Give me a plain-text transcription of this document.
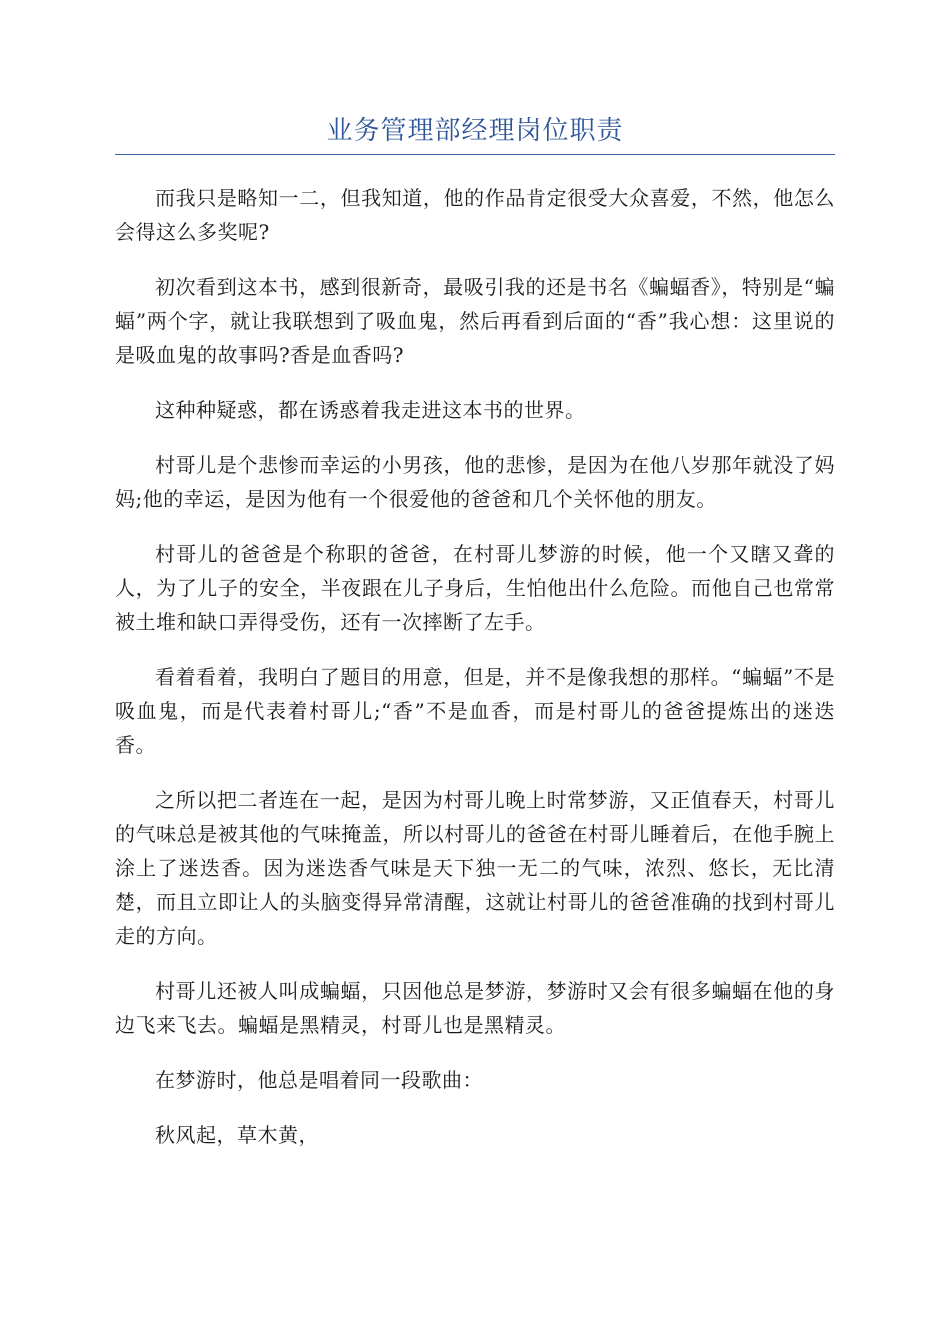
业务管理部经理岗位职责

而我只是略知一二，但我知道，他的作品肯定很受大众喜爱，不然，他怎么会得这么多奖呢?

初次看到这本书，感到很新奇，最吸引我的还是书名《蝙蝠香》，特别是“蝙蝠”两个字，就让我联想到了吸血鬼，然后再看到后面的“香”我心想：这里说的是吸血鬼的故事吗?香是血香吗?

这种种疑惑，都在诱惑着我走进这本书的世界。

村哥儿是个悲惨而幸运的小男孩，他的悲惨，是因为在他八岁那年就没了妈妈;他的幸运，是因为他有一个很爱他的爸爸和几个关怀他的朋友。

村哥儿的爸爸是个称职的爸爸，在村哥儿梦游的时候，他一个又瞎又聋的人，为了儿子的安全，半夜跟在儿子身后，生怕他出什么危险。而他自己也常常被土堆和缺口弄得受伤，还有一次摔断了左手。

看着看着，我明白了题目的用意，但是，并不是像我想的那样。“蝙蝠”不是吸血鬼，而是代表着村哥儿;“香”不是血香，而是村哥儿的爸爸提炼出的迷迭香。

之所以把二者连在一起，是因为村哥儿晚上时常梦游，又正值春天，村哥儿的气味总是被其他的气味掩盖，所以村哥儿的爸爸在村哥儿睡着后，在他手腕上涂上了迷迭香。因为迷迭香气味是天下独一无二的气味，浓烈、悠长，无比清楚，而且立即让人的头脑变得异常清醒，这就让村哥儿的爸爸准确的找到村哥儿走的方向。

村哥儿还被人叫成蝙蝠，只因他总是梦游，梦游时又会有很多蝙蝠在他的身边飞来飞去。蝙蝠是黑精灵，村哥儿也是黑精灵。

在梦游时，他总是唱着同一段歌曲：

秋风起，草木黄，
